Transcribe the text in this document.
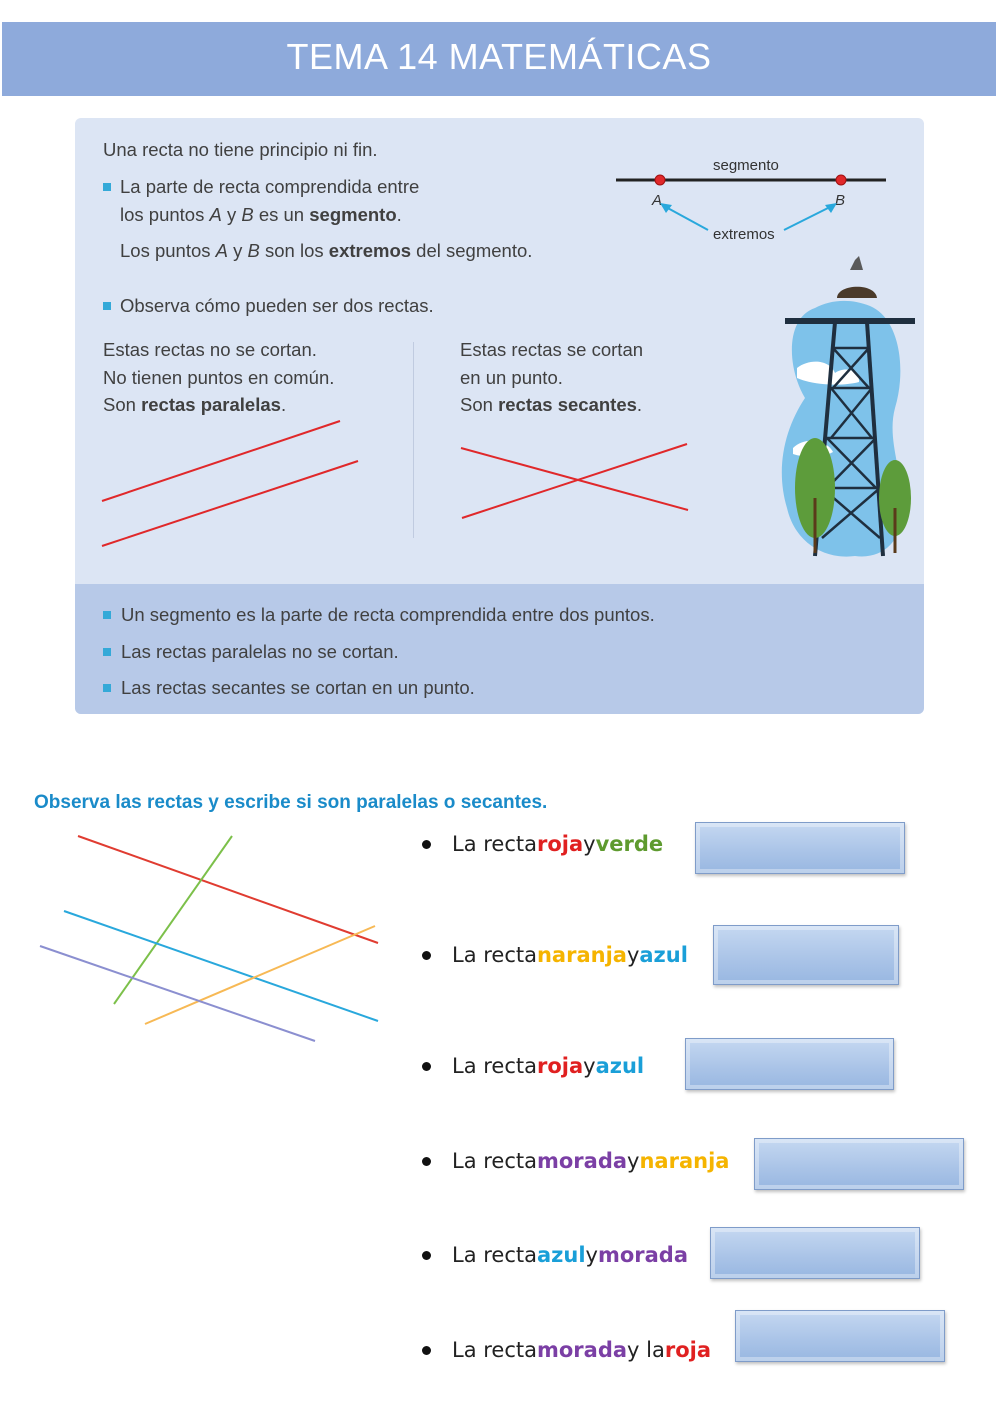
TEMA 14 MATEMÁTICAS
Una recta no tiene principio ni fin.
La parte de recta comprendida entre
los puntos A y B es un segmento.
Los puntos A y B son los extremos del segmento.
Observa cómo pueden ser dos rectas.
segmento
A	B
extremos
Estas rectas no se cortan.
No tienen puntos en común.
Son rectas paralelas.
Estas rectas se cortan
en un punto.
Son rectas secantes.
Un segmento es la parte de recta comprendida entre dos puntos.
Las rectas paralelas no se cortan.
Las rectas secantes se cortan en un punto.
Observa las rectas y escribe si son paralelas o secantes.
La recta roja y verde
La recta naranja y azul
La recta roja y azul
La recta morada y naranja
La recta azul y morada
La recta morada y la roja
